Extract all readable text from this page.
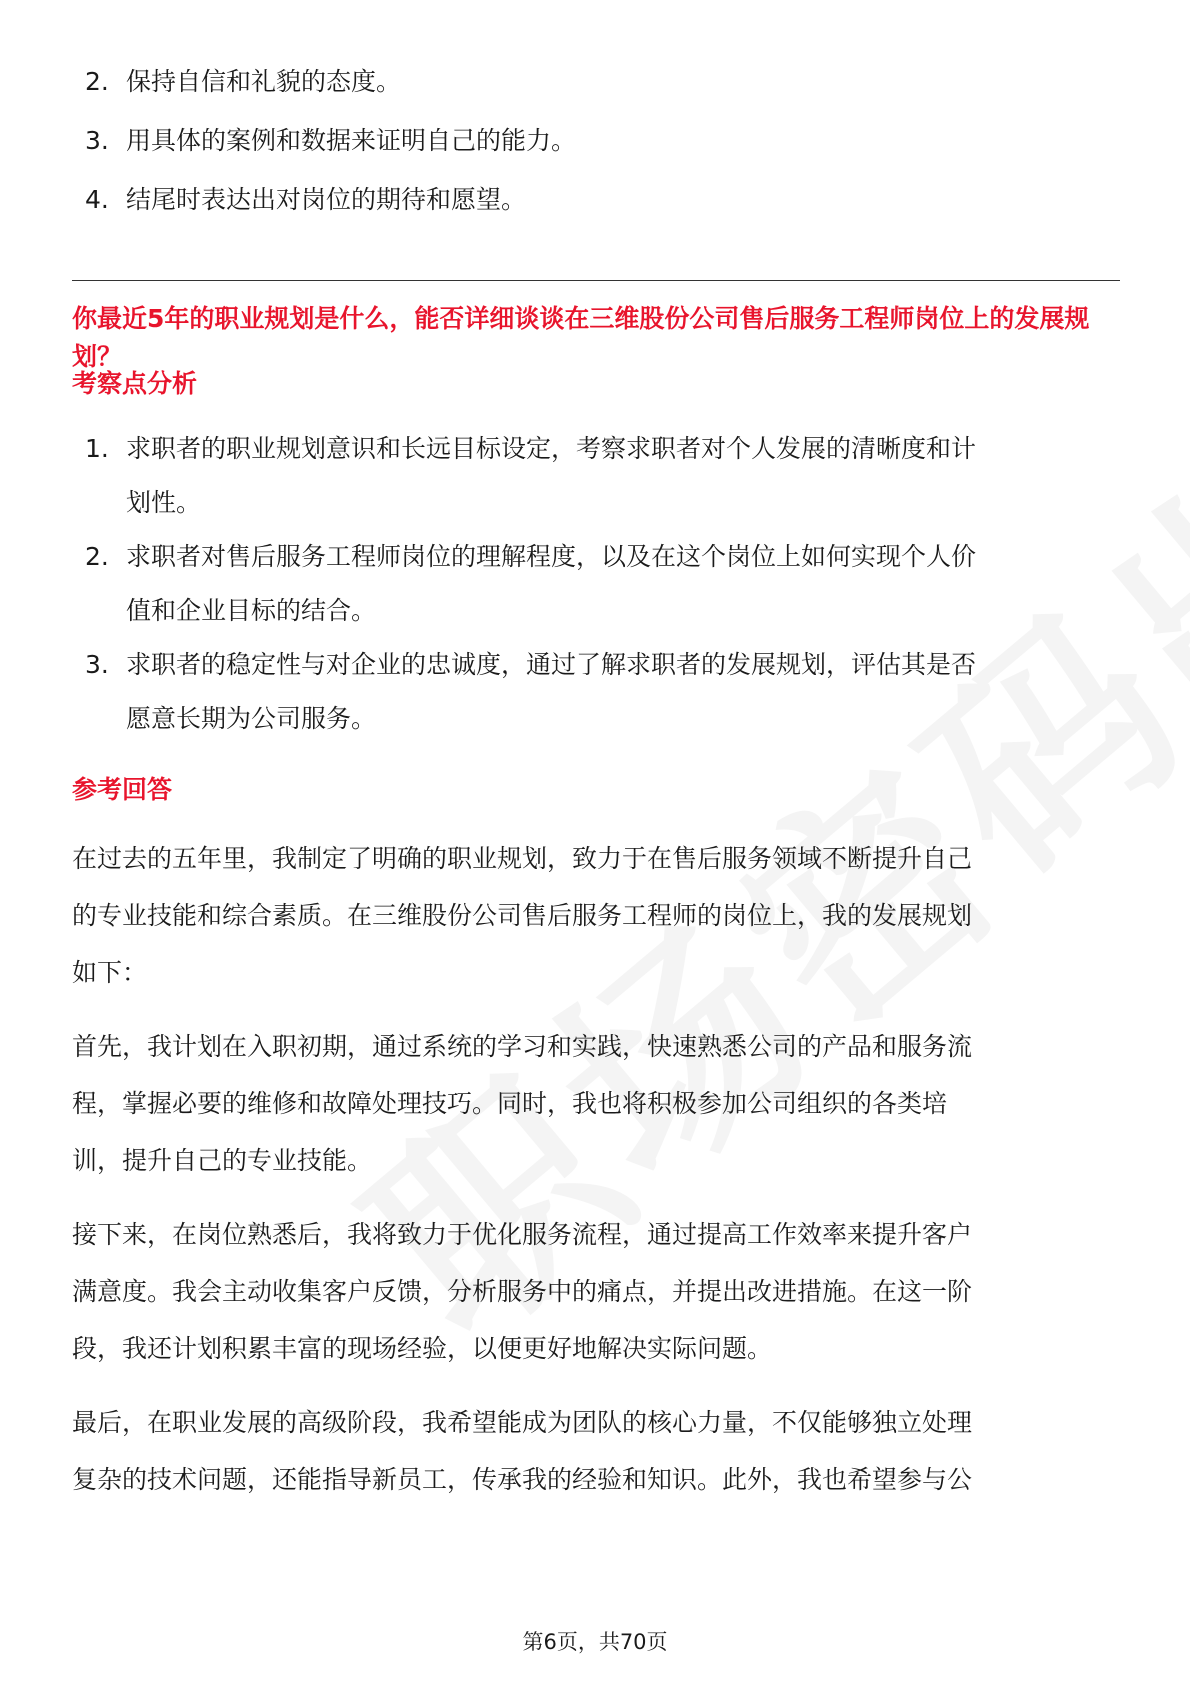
2. 保持自信和礼貌的态度。
3. 用具体的案例和数据来证明自己的能力。
4. 结尾时表达出对岗位的期待和愿望。
你最近5年的职业规划是什么，能否详细谈谈在三维股份公司售后服务工程师岗位上的发展规划？
考察点分析
1. 求职者的职业规划意识和长远目标设定，考察求职者对个人发展的清晰度和计
划性。
2. 求职者对售后服务工程师岗位的理解程度，以及在这个岗位上如何实现个人价
值和企业目标的结合。
3. 求职者的稳定性与对企业的忠诚度，通过了解求职者的发展规划，评估其是否
愿意长期为公司服务。
参考回答
在过去的五年里，我制定了明确的职业规划，致力于在售后服务领域不断提升自己
的专业技能和综合素质。在三维股份公司售后服务工程师的岗位上，我的发展规划
如下：
首先，我计划在入职初期，通过系统的学习和实践，快速熟悉公司的产品和服务流
程，掌握必要的维修和故障处理技巧。同时，我也将积极参加公司组织的各类培
训，提升自己的专业技能。
接下来，在岗位熟悉后，我将致力于优化服务流程，通过提高工作效率来提升客户
满意度。我会主动收集客户反馈，分析服务中的痛点，并提出改进措施。在这一阶
段，我还计划积累丰富的现场经验，以便更好地解决实际问题。
最后，在职业发展的高级阶段，我希望能成为团队的核心力量，不仅能够独立处理
复杂的技术问题，还能指导新员工，传承我的经验和知识。此外，我也希望参与公
第6页，共70页
